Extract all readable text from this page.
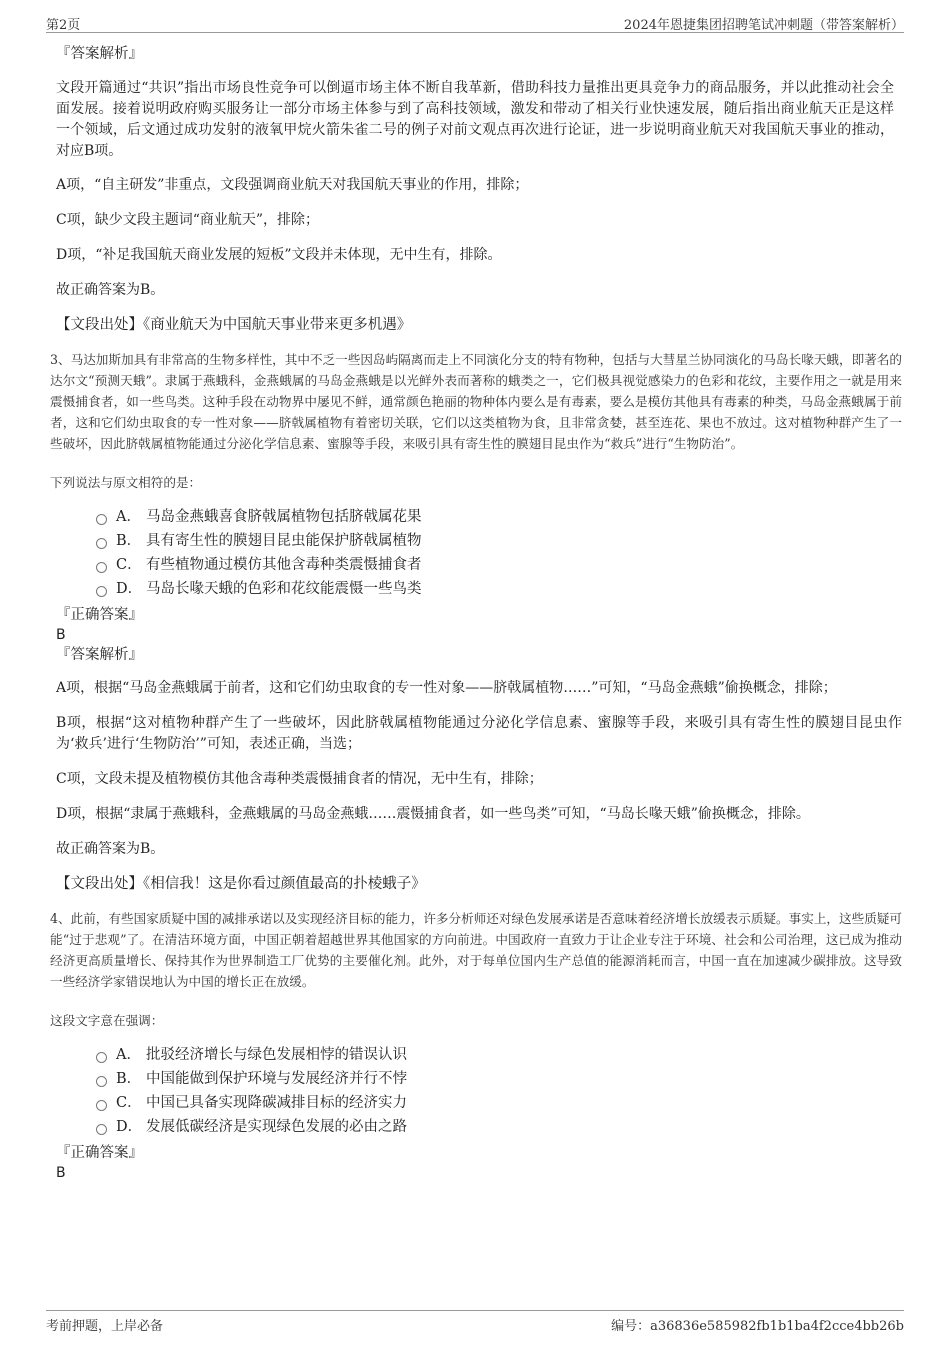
第2页	2024年恩捷集团招聘笔试冲刺题（带答案解析）

『答案解析』

文段开篇通过“共识”指出市场良性竞争可以倒逼市场主体不断自我革新，借助科技力量推出更具竞争力的商品服务，并以此推动社会全面发展。接着说明政府购买服务让一部分市场主体参与到了高科技领域，激发和带动了相关行业快速发展，随后指出商业航天正是这样一个领域，后文通过成功发射的液氧甲烷火箭朱雀二号的例子对前文观点再次进行论证，进一步说明商业航天对我国航天事业的推动，对应B项。

A项，“自主研发”非重点，文段强调商业航天对我国航天事业的作用，排除；

C项，缺少文段主题词“商业航天”，排除；

D项，“补足我国航天商业发展的短板”文段并未体现，无中生有，排除。

故正确答案为B。

【文段出处】《商业航天为中国航天事业带来更多机遇》

3、马达加斯加具有非常高的生物多样性，其中不乏一些因岛屿隔离而走上不同演化分支的特有物种，包括与大彗星兰协同演化的马岛长喙天蛾，即著名的达尔文“预测天蛾”。隶属于燕蛾科，金燕蛾属的马岛金燕蛾是以光鲜外表而著称的蛾类之一，它们极具视觉感染力的色彩和花纹，主要作用之一就是用来震慑捕食者，如一些鸟类。这种手段在动物界中屡见不鲜，通常颜色艳丽的物种体内要么是有毒素，要么是模仿其他具有毒素的种类，马岛金燕蛾属于前者，这和它们幼虫取食的专一性对象——脐戟属植物有着密切关联，它们以这类植物为食，且非常贪婪，甚至连花、果也不放过。这对植物种群产生了一些破坏，因此脐戟属植物能通过分泌化学信息素、蜜腺等手段，来吸引具有寄生性的膜翅目昆虫作为“救兵”进行“生物防治”。

下列说法与原文相符的是：

A． 马岛金燕蛾喜食脐戟属植物包括脐戟属花果
B． 具有寄生性的膜翅目昆虫能保护脐戟属植物
C． 有些植物通过模仿其他含毒种类震慑捕食者
D． 马岛长喙天蛾的色彩和花纹能震慑一些鸟类

『正确答案』

B

『答案解析』

A项，根据“马岛金燕蛾属于前者，这和它们幼虫取食的专一性对象——脐戟属植物……”可知，“马岛金燕蛾”偷换概念，排除；

B项，根据“这对植物种群产生了一些破坏，因此脐戟属植物能通过分泌化学信息素、蜜腺等手段，来吸引具有寄生性的膜翅目昆虫作为‘救兵’进行‘生物防治’”可知，表述正确，当选；

C项，文段未提及植物模仿其他含毒种类震慑捕食者的情况，无中生有，排除；

D项，根据“隶属于燕蛾科，金燕蛾属的马岛金燕蛾……震慑捕食者，如一些鸟类”可知，“马岛长喙天蛾”偷换概念，排除。

故正确答案为B。

【文段出处】《相信我！这是你看过颜值最高的扑棱蛾子》

4、此前，有些国家质疑中国的减排承诺以及实现经济目标的能力，许多分析师还对绿色发展承诺是否意味着经济增长放缓表示质疑。事实上，这些质疑可能“过于悲观”了。在清洁环境方面，中国正朝着超越世界其他国家的方向前进。中国政府一直致力于让企业专注于环境、社会和公司治理，这已成为推动经济更高质量增长、保持其作为世界制造工厂优势的主要催化剂。此外，对于每单位国内生产总值的能源消耗而言，中国一直在加速减少碳排放。这导致一些经济学家错误地认为中国的增长正在放缓。

这段文字意在强调：

A． 批驳经济增长与绿色发展相悖的错误认识
B． 中国能做到保护环境与发展经济并行不悖
C． 中国已具备实现降碳减排目标的经济实力
D． 发展低碳经济是实现绿色发展的必由之路

『正确答案』

B

考前押题，上岸必备	编号：a36836e585982fb1b1ba4f2cce4bb26b
